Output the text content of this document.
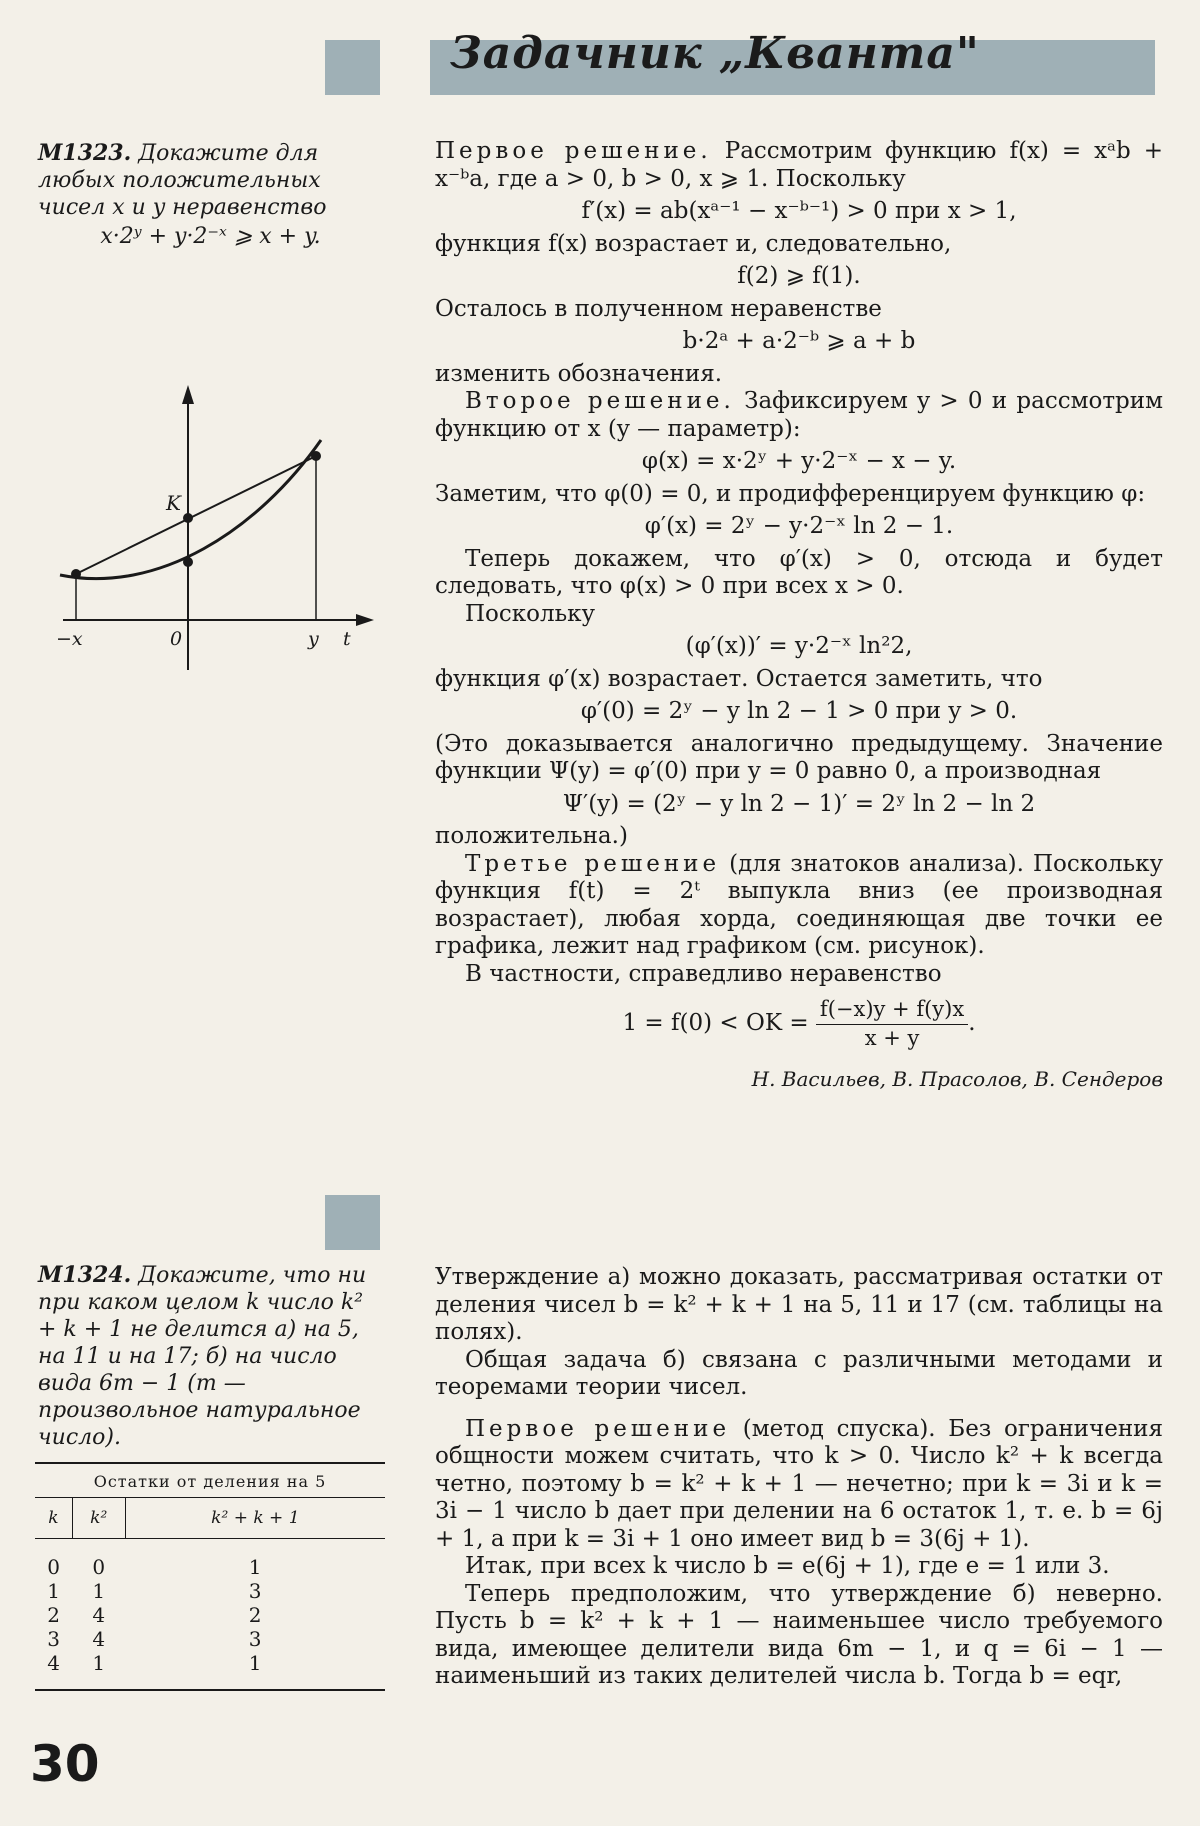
Задачник „Кванта"
М1323. Докажите для любых положительных чисел x и y неравенство
x·2ʸ + y·2⁻ˣ ⩾ x + y.
K
−x	0	y t

Первое решение. Рассмотрим функцию f(x) = xᵃb + x⁻ᵇa, где a > 0, b > 0, x ⩾ 1. Поскольку

f′(x) = ab(xᵃ⁻¹ − x⁻ᵇ⁻¹) > 0 при x > 1,

функция f(x) возрастает и, следовательно,

f(2) ⩾ f(1).

Осталось в полученном неравенстве

b·2ᵃ + a·2⁻ᵇ ⩾ a + b

изменить обозначения.

Второе решение. Зафиксируем y > 0 и рассмотрим функцию от x (y — параметр):

φ(x) = x·2ʸ + y·2⁻ˣ − x − y.

Заметим, что φ(0) = 0, и продифференцируем функцию φ:

φ′(x) = 2ʸ − y·2⁻ˣ ln 2 − 1.

Теперь докажем, что φ′(x) > 0, отсюда и будет следовать, что φ(x) > 0 при всех x > 0.

Поскольку

(φ′(x))′ = y·2⁻ˣ ln²2,

функция φ′(x) возрастает. Остается заметить, что

φ′(0) = 2ʸ − y ln 2 − 1 > 0 при y > 0.

(Это доказывается аналогично предыдущему. Значение функции Ψ(y) = φ′(0) при y = 0 равно 0, а производная

Ψ′(y) = (2ʸ − y ln 2 − 1)′ = 2ʸ ln 2 − ln 2

положительна.)

Третье решение (для знатоков анализа). Поскольку функция f(t) = 2ᵗ выпукла вниз (ее производная возрастает), любая хорда, соединяющая две точки ее графика, лежит над графиком (см. рисунок).

В частности, справедливо неравенство

1 = f(0) < OK = $\frac{f(-x)y + f(y)x}{x + y}$ .
Н. Васильев, В. Прасолов, В. Сендеров
М1324. Докажите, что ни при каком целом k число k² + k + 1 не делится а) на 5, на 11 и на 17; б) на число вида 6m − 1 (m — произвольное натуральное число).
Остатки от деления на 5
k	k²	k² + k + 1
0	0	1
1	1	3
2	4	2
3	4	3
4	1	1

Утверждение а) можно доказать, рассматривая остатки от деления чисел b = k² + k + 1 на 5, 11 и 17 (см. таблицы на полях).

Общая задача б) связана с различными методами и теоремами теории чисел.

Первое решение (метод спуска). Без ограничения общности можем считать, что k > 0. Число k² + k всегда четно, поэтому b = k² + k + 1 — нечетно; при k = 3i и k = 3i − 1 число b дает при делении на 6 остаток 1, т. е. b = 6j + 1, а при k = 3i + 1 оно имеет вид b = 3(6j + 1).

Итак, при всех k число b = e(6j + 1), где e = 1 или 3.

Теперь предположим, что утверждение б) неверно. Пусть b = k² + k + 1 — наименьшее число требуемого вида, имеющее делители вида 6m − 1, и q = 6i − 1 — наименьший из таких делителей числа b. Тогда b = eqr,

30
